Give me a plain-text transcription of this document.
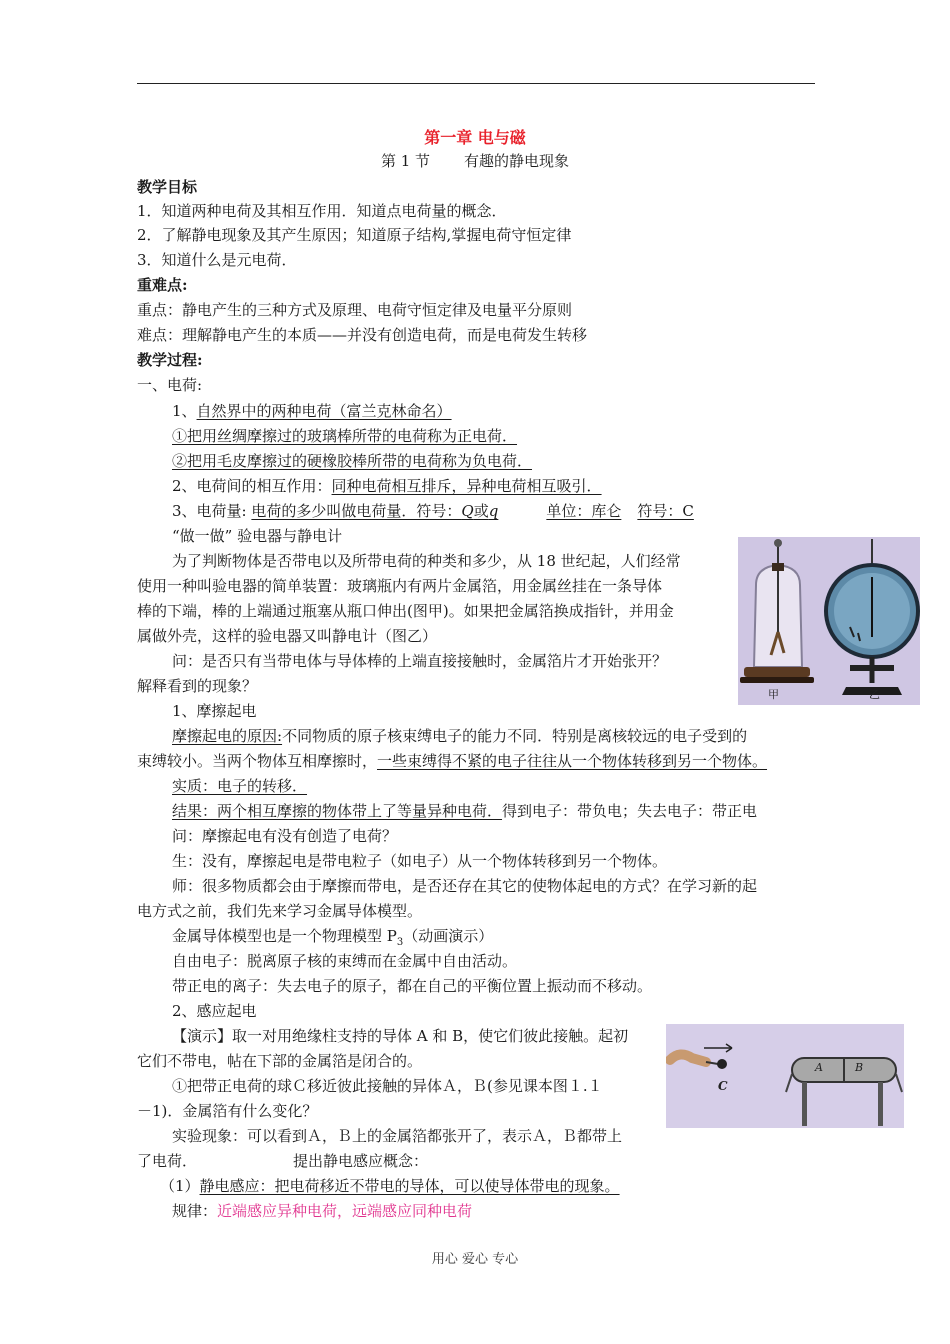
第一章 电与磁
第 1 节 有趣的静电现象
教学目标
1．知道两种电荷及其相互作用．知道点电荷量的概念．
2．了解静电现象及其产生原因；知道原子结构,掌握电荷守恒定律
3．知道什么是元电荷．
重难点:
重点：静电产生的三种方式及原理、电荷守恒定律及电量平分原则
难点：理解静电产生的本质——并没有创造电荷，而是电荷发生转移
教学过程:
一、电荷:
1、自然界中的两种电荷（富兰克林命名）
①把用丝绸摩擦过的玻璃棒所带的电荷称为正电荷．
②把用毛皮摩擦过的硬橡胶棒所带的电荷称为负电荷．
2、电荷间的相互作用：同种电荷相互排斥，异种电荷相互吸引．
3、电荷量: 电荷的多少叫做电荷量．符号：Q或q	单位：库仑 符号：C
“做一做” 验电器与静电计
为了判断物体是否带电以及所带电荷的种类和多少，从 18 世纪起，人们经常
使用一种叫验电器的简单装置：玻璃瓶内有两片金属箔，用金属丝挂在一条导体
棒的下端，棒的上端通过瓶塞从瓶口伸出(图甲)。如果把金属箔换成指针，并用金
属做外壳，这样的验电器又叫静电计（图乙）
问：是否只有当带电体与导体棒的上端直接接触时，金属箔片才开始张开？
解释看到的现象？	甲	乙
1、摩擦起电
摩擦起电的原因:不同物质的原子核束缚电子的能力不同．特别是离核较远的电子受到的
束缚较小。当两个物体互相摩擦时，一些束缚得不紧的电子往往从一个物体转移到另一个物体。
实质：电子的转移．
结果：两个相互摩擦的物体带上了等量异种电荷．得到电子：带负电；失去电子：带正电
问：摩擦起电有没有创造了电荷？
生：没有，摩擦起电是带电粒子（如电子）从一个物体转移到另一个物体。
师：很多物质都会由于摩擦而带电，是否还存在其它的使物体起电的方式？在学习新的起
电方式之前，我们先来学习金属导体模型。
金属导体模型也是一个物理模型 $P_3$（动画演示）
自由电子：脱离原子核的束缚而在金属中自由活动。
带正电的离子：失去电子的原子，都在自己的平衡位置上振动而不移动。
2、感应起电
【演示】取一对用绝缘柱支持的导体 A 和 B，使它们彼此接触。起初
它们不带电，帖在下部的金属箔是闭合的。
①把带正电荷的球Ｃ移近彼此接触的异体Ａ，Ｂ(参见课本图１.１
－1)．金属箔有什么变化？
实验现象：可以看到Ａ，Ｂ上的金属箔都张开了，表示Ａ，Ｂ都带上
了电荷．	提出静电感应概念：
（1）静电感应：把电荷移近不带电的导体，可以使导体带电的现象。
规律：近端感应异种电荷，远端感应同种电荷
A	B
C
用心 爱心 专心
